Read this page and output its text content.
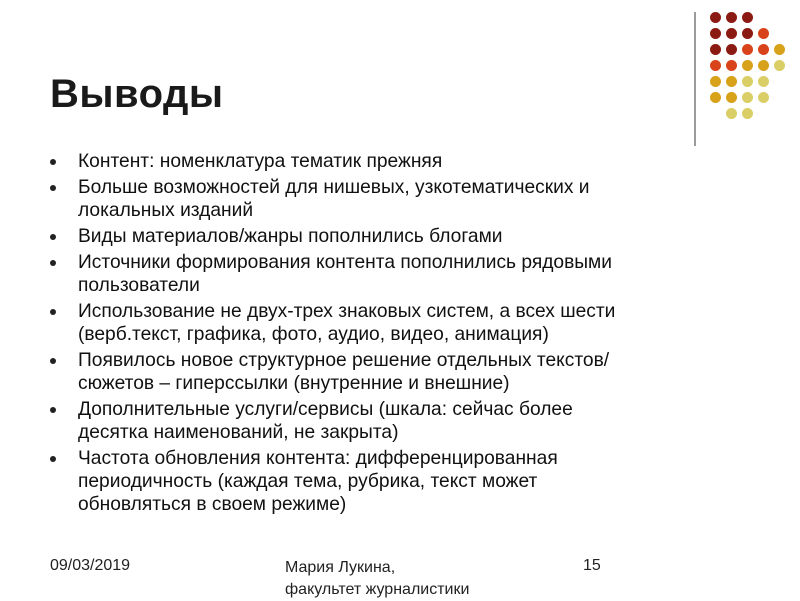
Выводы
Контент: номенклатура тематик прежняя
Больше возможностей для нишевых, узкотематических и
локальных изданий
Виды материалов/жанры пополнились блогами
Источники формирования контента пополнились рядовыми
пользователи
Использование не двух-трех знаковых систем, а всех шести
(верб.текст, графика, фото, аудио, видео, анимация)
Появилось новое структурное решение отдельных текстов/
сюжетов – гиперссылки (внутренние и внешние)
Дополнительные услуги/сервисы (шкала: сейчас более
десятка наименований, не закрыта)
Частота обновления контента: дифференцированная
периодичность (каждая тема, рубрика, текст может
обновляться в своем режиме)
09/03/2019	Мария Лукина,
факультет журналистики
15
